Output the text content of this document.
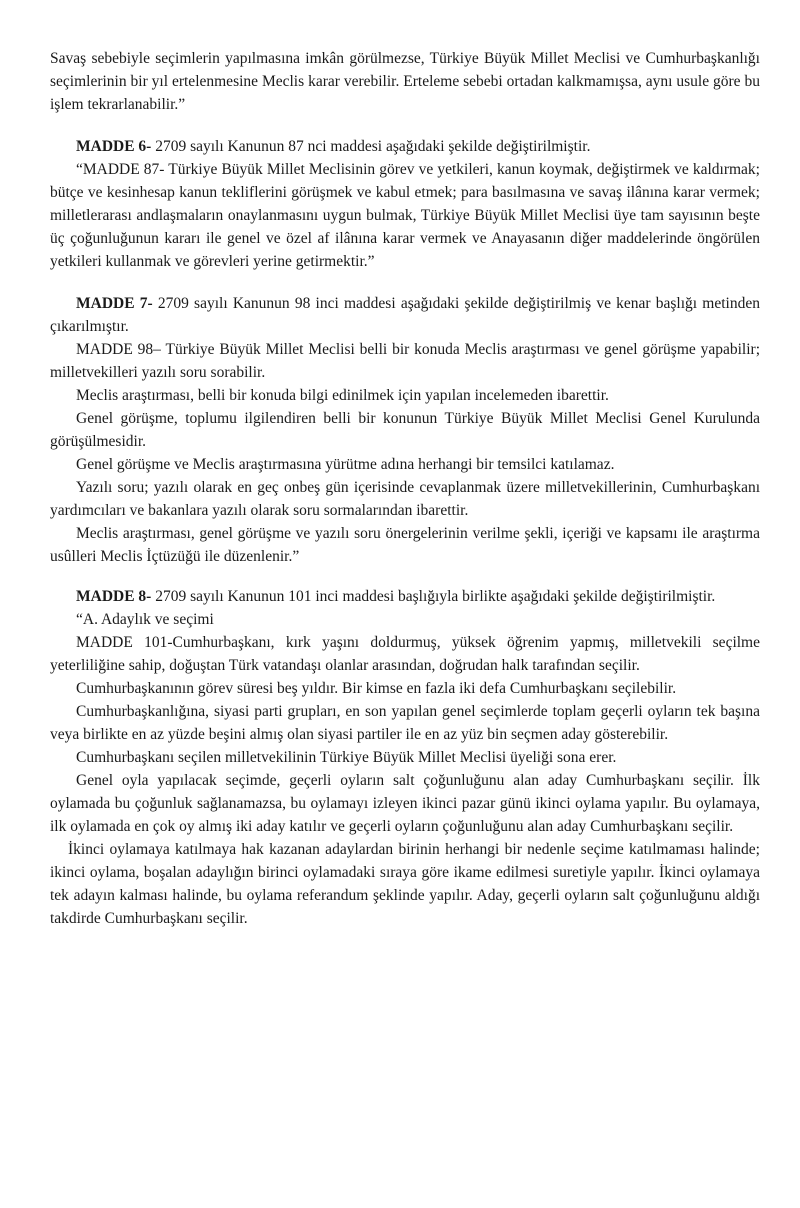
Savaş sebebiyle seçimlerin yapılmasına imkân görülmezse, Türkiye Büyük Millet Meclisi ve Cumhurbaşkanlığı seçimlerinin bir yıl ertelenmesine Meclis karar verebilir. Erteleme sebebi ortadan kalkmamışsa, aynı usule göre bu işlem tekrarlanabilir.”

MADDE 6- 2709 sayılı Kanunun 87 nci maddesi aşağıdaki şekilde değiştirilmiştir.

“MADDE 87- Türkiye Büyük Millet Meclisinin görev ve yetkileri, kanun koymak, değiştirmek ve kaldırmak; bütçe ve kesinhesap kanun tekliflerini görüşmek ve kabul etmek; para basılmasına ve savaş ilânına karar vermek; milletlerarası andlaşmaların onaylanmasını uygun bulmak, Türkiye Büyük Millet Meclisi üye tam sayısının beşte üç çoğunluğunun kararı ile genel ve özel af ilânına karar vermek ve Anayasanın diğer maddelerinde öngörülen yetkileri kullanmak ve görevleri yerine getirmektir.”

MADDE 7- 2709 sayılı Kanunun 98 inci maddesi aşağıdaki şekilde değiştirilmiş ve kenar başlığı metinden çıkarılmıştır.

MADDE 98– Türkiye Büyük Millet Meclisi belli bir konuda Meclis araştırması ve genel görüşme yapabilir; milletvekilleri yazılı soru sorabilir.

Meclis araştırması, belli bir konuda bilgi edinilmek için yapılan incelemeden ibarettir.

Genel görüşme, toplumu ilgilendiren belli bir konunun Türkiye Büyük Millet Meclisi Genel Kurulunda görüşülmesidir.

Genel görüşme ve Meclis araştırmasına yürütme adına herhangi bir temsilci katılamaz.

Yazılı soru; yazılı olarak en geç onbeş gün içerisinde cevaplanmak üzere milletvekillerinin, Cumhurbaşkanı yardımcıları ve bakanlara yazılı olarak soru sormalarından ibarettir.

Meclis araştırması, genel görüşme ve yazılı soru önergelerinin verilme şekli, içeriği ve kapsamı ile araştırma usûlleri Meclis İçtüzüğü ile düzenlenir.”

MADDE 8- 2709 sayılı Kanunun 101 inci maddesi başlığıyla birlikte aşağıdaki şekilde değiştirilmiştir.

“A. Adaylık ve seçimi

MADDE 101-Cumhurbaşkanı, kırk yaşını doldurmuş, yüksek öğrenim yapmış, milletvekili seçilme yeterliliğine sahip, doğuştan Türk vatandaşı olanlar arasından, doğrudan halk tarafından seçilir.

Cumhurbaşkanının görev süresi beş yıldır. Bir kimse en fazla iki defa Cumhurbaşkanı seçilebilir.

Cumhurbaşkanlığına, siyasi parti grupları, en son yapılan genel seçimlerde toplam geçerli oyların tek başına veya birlikte en az yüzde beşini almış olan siyasi partiler ile en az yüz bin seçmen aday gösterebilir.

Cumhurbaşkanı seçilen milletvekilinin Türkiye Büyük Millet Meclisi üyeliği sona erer.

Genel oyla yapılacak seçimde, geçerli oyların salt çoğunluğunu alan aday Cumhurbaşkanı seçilir. İlk oylamada bu çoğunluk sağlanamazsa, bu oylamayı izleyen ikinci pazar günü ikinci oylama yapılır. Bu oylamaya, ilk oylamada en çok oy almış iki aday katılır ve geçerli oyların çoğunluğunu alan aday Cumhurbaşkanı seçilir.

İkinci oylamaya katılmaya hak kazanan adaylardan birinin herhangi bir nedenle seçime katılmaması halinde; ikinci oylama, boşalan adaylığın birinci oylamadaki sıraya göre ikame edilmesi suretiyle yapılır. İkinci oylamaya tek adayın kalması halinde, bu oylama referandum şeklinde yapılır. Aday, geçerli oyların salt çoğunluğunu aldığı takdirde Cumhurbaşkanı seçilir.
